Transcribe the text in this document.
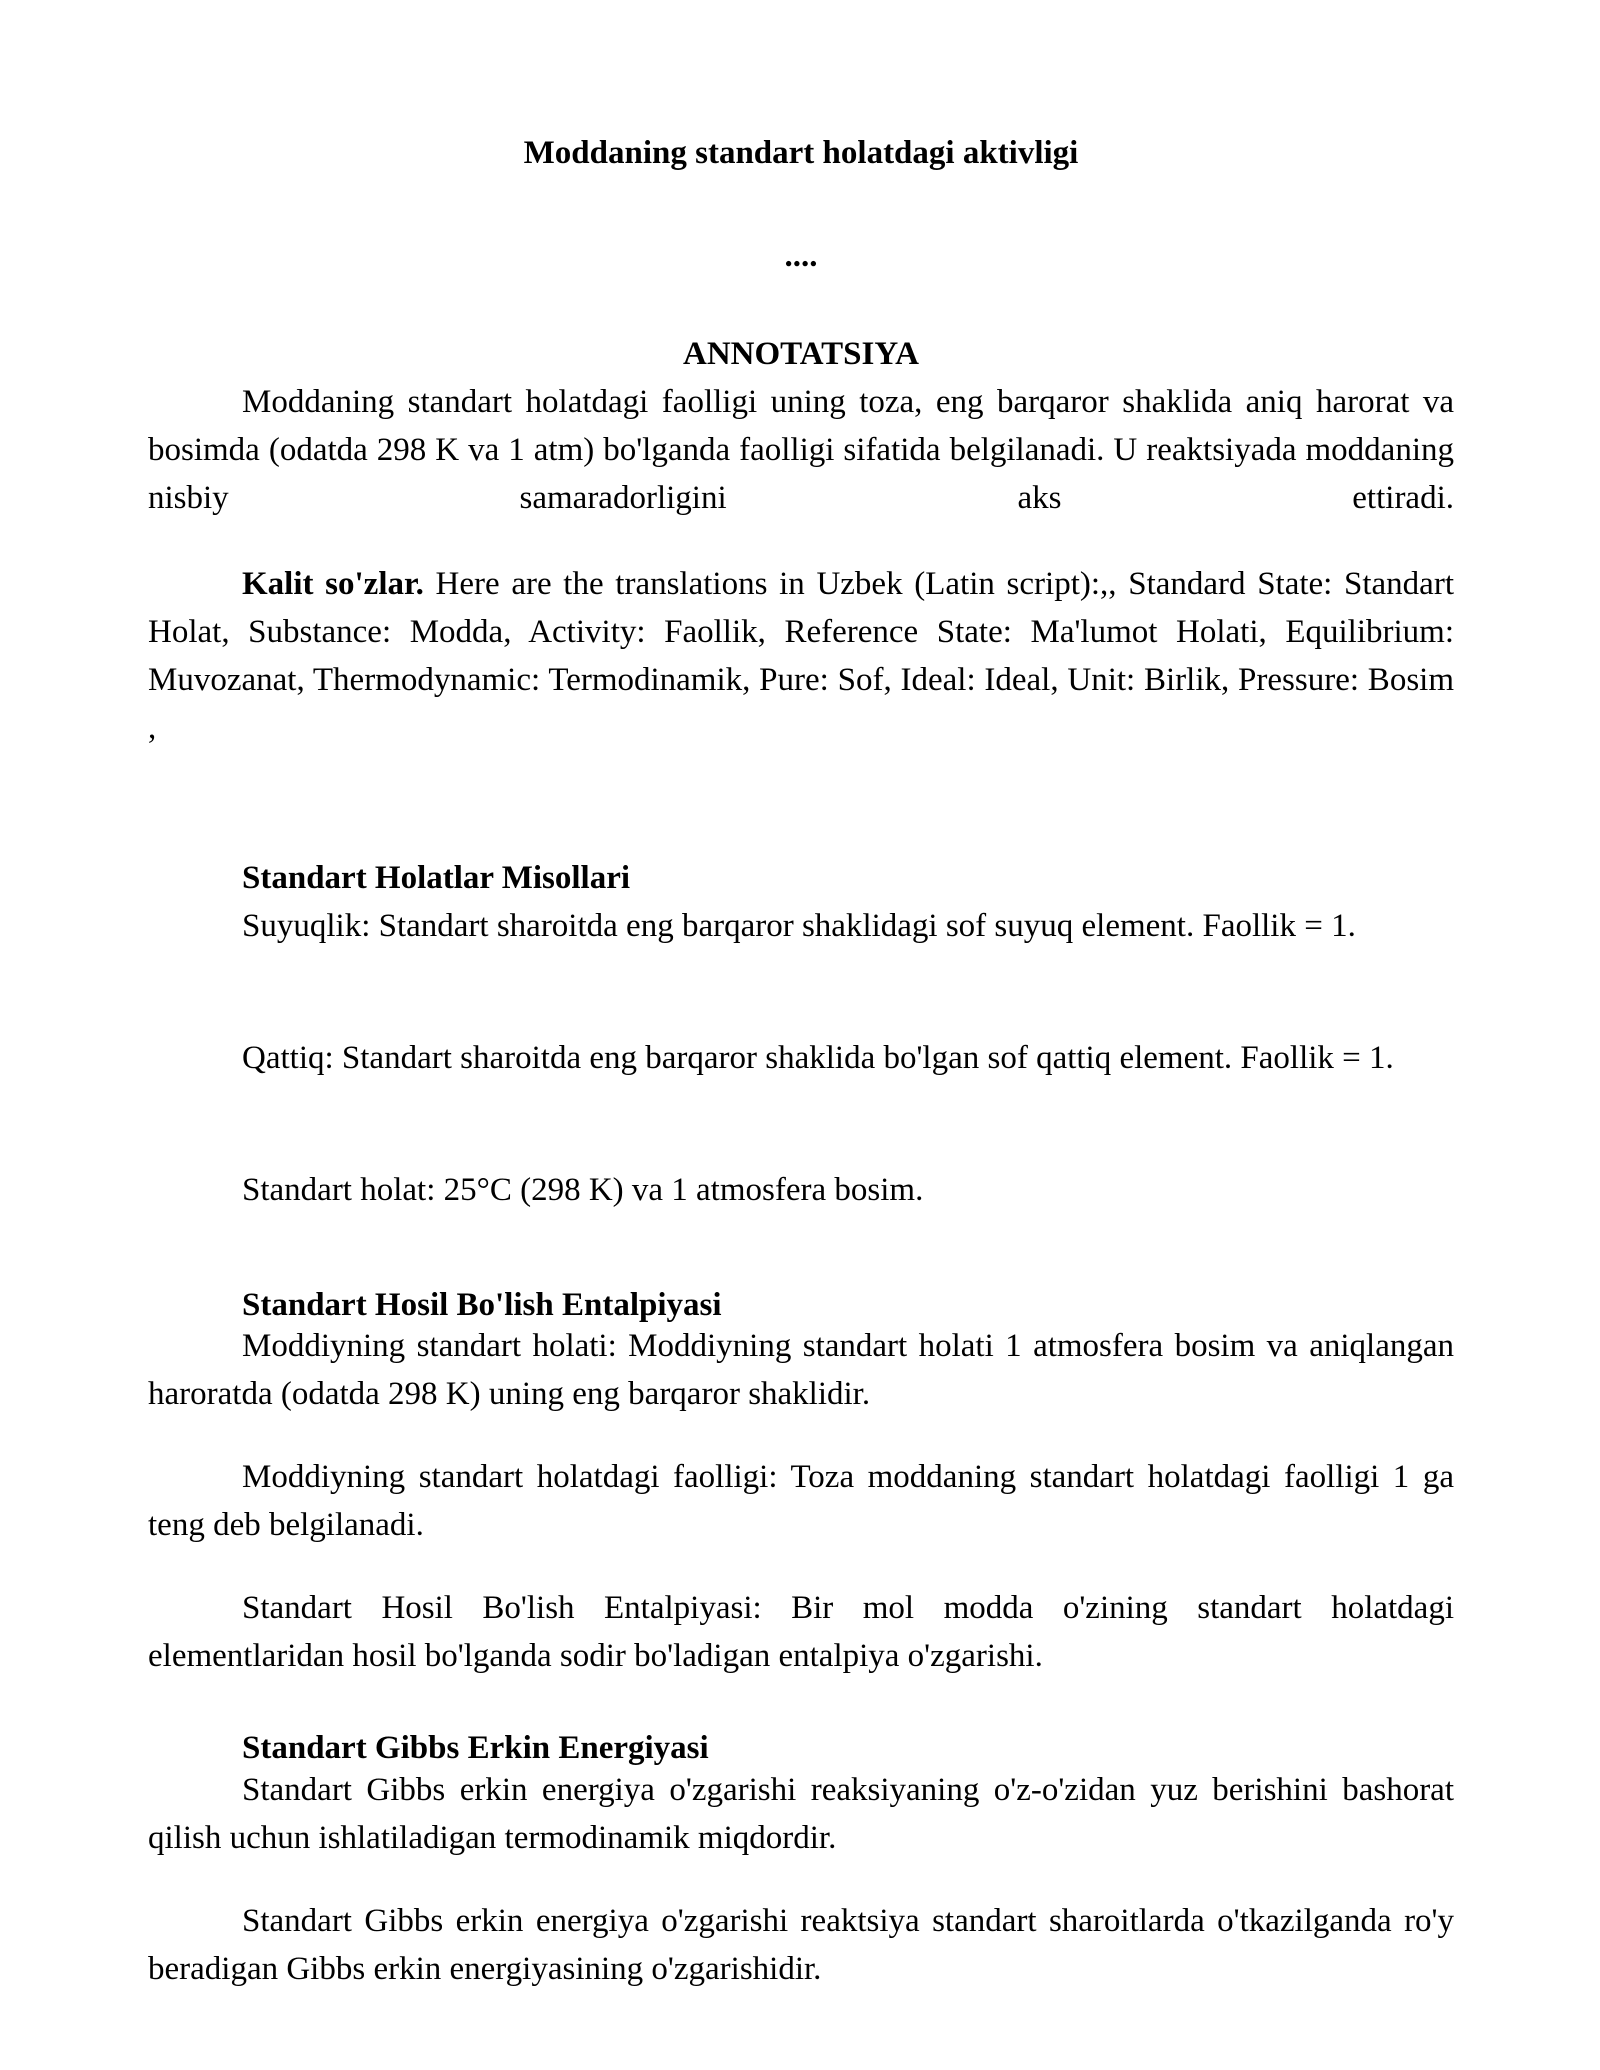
Moddaning standart holatdagi aktivligi
....
ANNOTATSIYA

Moddaning standart holatdagi faolligi uning toza, eng barqaror shaklida aniq harorat va bosimda (odatda 298 K va 1 atm) bo'lganda faolligi sifatida belgilanadi. U reaktsiyada moddaning nisbiy samaradorligini aks ettiradi.

Kalit so'zlar. Here are the translations in Uzbek (Latin script):,, Standard State: Standart Holat, Substance: Modda, Activity: Faollik, Reference State: Ma'lumot Holati, Equilibrium: Muvozanat, Thermodynamic: Termodinamik, Pure: Sof, Ideal: Ideal, Unit: Birlik, Pressure: Bosim ,

Standart Holatlar Misollari

Suyuqlik: Standart sharoitda eng barqaror shaklidagi sof suyuq element. Faollik = 1.

Qattiq: Standart sharoitda eng barqaror shaklida bo'lgan sof qattiq element. Faollik = 1.

Standart holat: 25°C (298 K) va 1 atmosfera bosim.

Standart Hosil Bo'lish Entalpiyasi

Moddiyning standart holati: Moddiyning standart holati 1 atmosfera bosim va aniqlangan haroratda (odatda 298 K) uning eng barqaror shaklidir.

Moddiyning standart holatdagi faolligi: Toza moddaning standart holatdagi faolligi 1 ga teng deb belgilanadi.

Standart Hosil Bo'lish Entalpiyasi: Bir mol modda o'zining standart holatdagi elementlaridan hosil bo'lganda sodir bo'ladigan entalpiya o'zgarishi.

Standart Gibbs Erkin Energiyasi

Standart Gibbs erkin energiya o'zgarishi reaksiyaning o'z-o'zidan yuz berishini bashorat qilish uchun ishlatiladigan termodinamik miqdordir.

Standart Gibbs erkin energiya o'zgarishi reaktsiya standart sharoitlarda o'tkazilganda ro'y beradigan Gibbs erkin energiyasining o'zgarishidir.
